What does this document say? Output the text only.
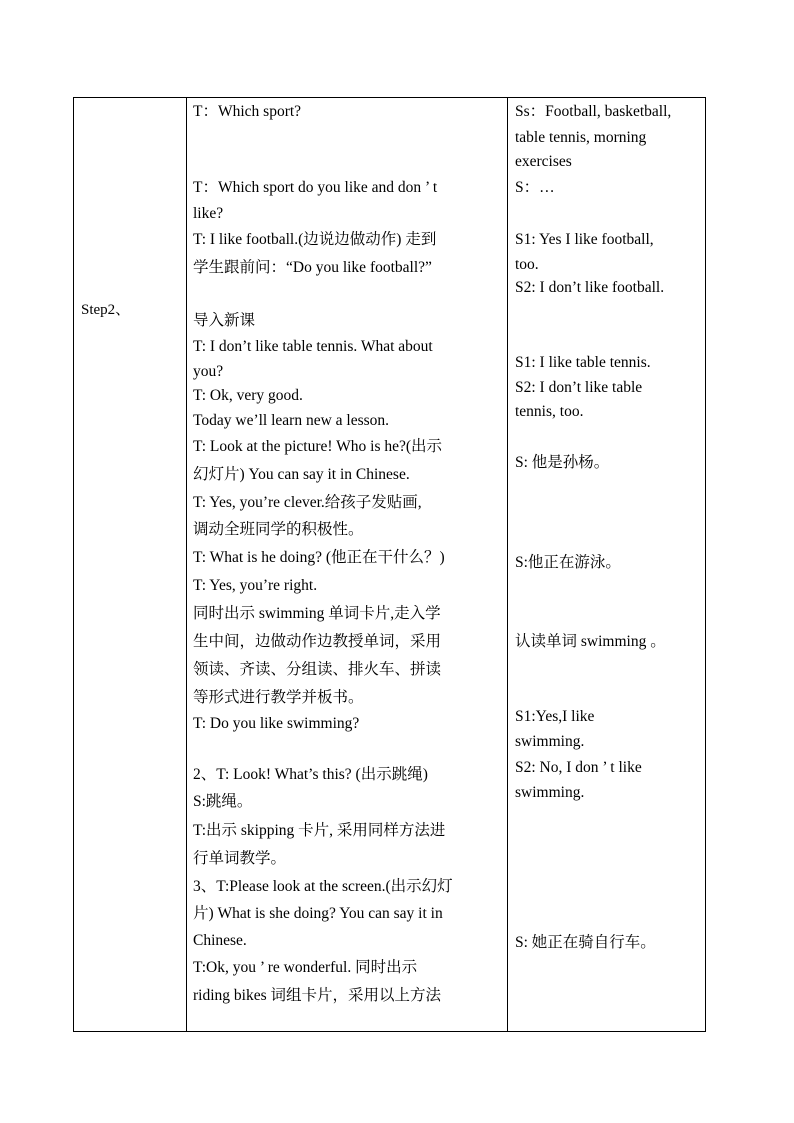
Step2、
T：Which sport?
T：Which sport do you like and don ’ t
like?
T: I like football.(边说边做动作) 走到
学生跟前问：“Do you like football?”
导入新课
T: I don’t like table tennis. What about
you?
T: Ok, very good.
Today we’ll learn new a lesson.
T: Look at the picture! Who is he?(出示
幻灯片) You can say it in Chinese.
T: Yes, you’re clever.给孩子发贴画,
调动全班同学的积极性。
T: What is he doing? (他正在干什么？)
T: Yes, you’re right.
同时出示 swimming 单词卡片,走入学
生中间，边做动作边教授单词，采用
领读、齐读、分组读、排火车、拼读
等形式进行教学并板书。
T: Do you like swimming?
2、T: Look! What’s this? (出示跳绳)
S:跳绳。
T:出示 skipping 卡片, 采用同样方法进
行单词教学。
3、T:Please look at the screen.(出示幻灯
片) What is she doing? You can say it in
Chinese.
T:Ok, you ’ re wonderful. 同时出示
riding bikes 词组卡片，采用以上方法
Ss：Football, basketball,
table tennis, morning
exercises
S：…
S1: Yes I like football,
too.
S2: I don’t like football.
S1: I like table tennis.
S2: I don’t like table
tennis, too.
S: 他是孙杨。
S:他正在游泳。
认读单词 swimming 。
S1:Yes,I like
swimming.
S2: No, I don ’ t like
swimming.
S: 她正在骑自行车。
